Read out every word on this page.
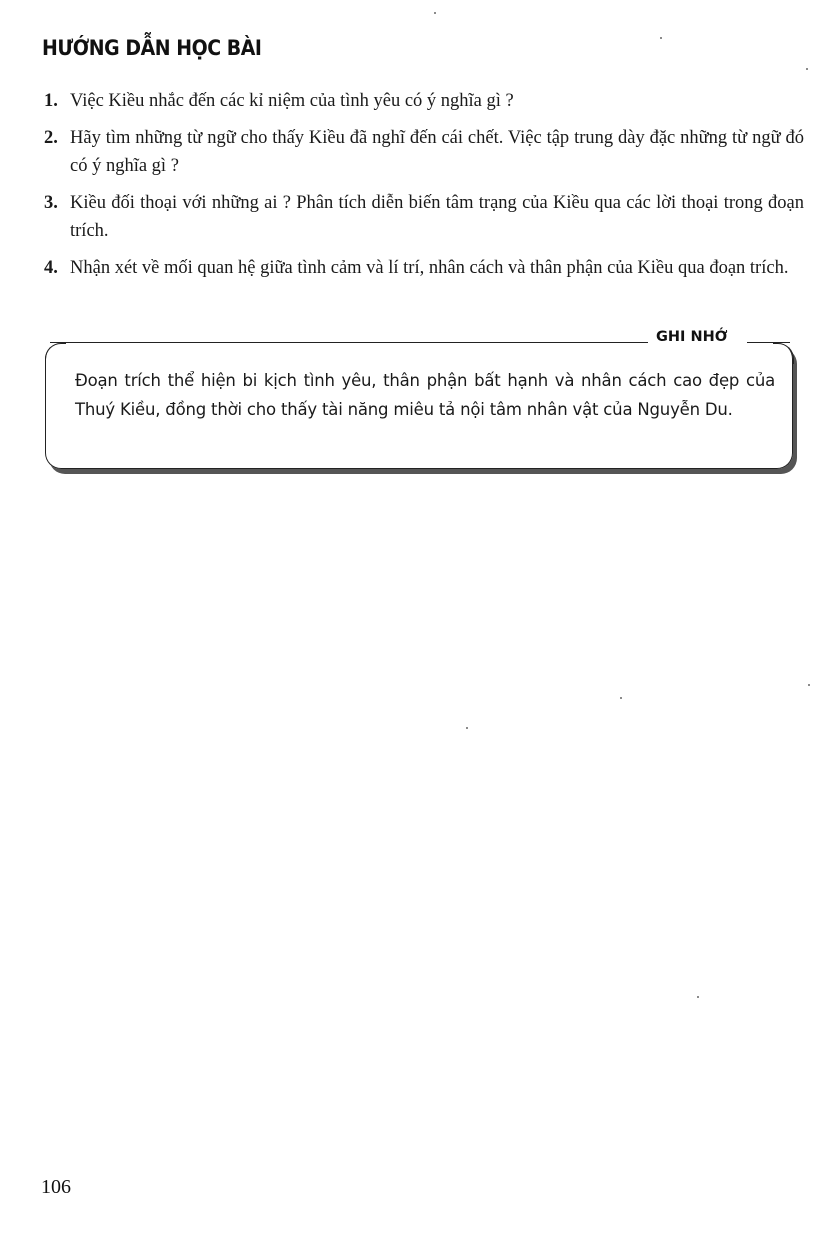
HƯỚNG DẪN HỌC BÀI
1. Việc Kiều nhắc đến các kỉ niệm của tình yêu có ý nghĩa gì ?
2. Hãy tìm những từ ngữ cho thấy Kiều đã nghĩ đến cái chết. Việc tập trung dày đặc những từ ngữ đó có ý nghĩa gì ?
3. Kiều đối thoại với những ai ? Phân tích diễn biến tâm trạng của Kiều qua các lời thoại trong đoạn trích.
4. Nhận xét về mối quan hệ giữa tình cảm và lí trí, nhân cách và thân phận của Kiều qua đoạn trích.
GHI NHỚ

Đoạn trích thể hiện bi kịch tình yêu, thân phận bất hạnh và nhân cách cao đẹp của Thuý Kiều, đồng thời cho thấy tài năng miêu tả nội tâm nhân vật của Nguyễn Du.

106
